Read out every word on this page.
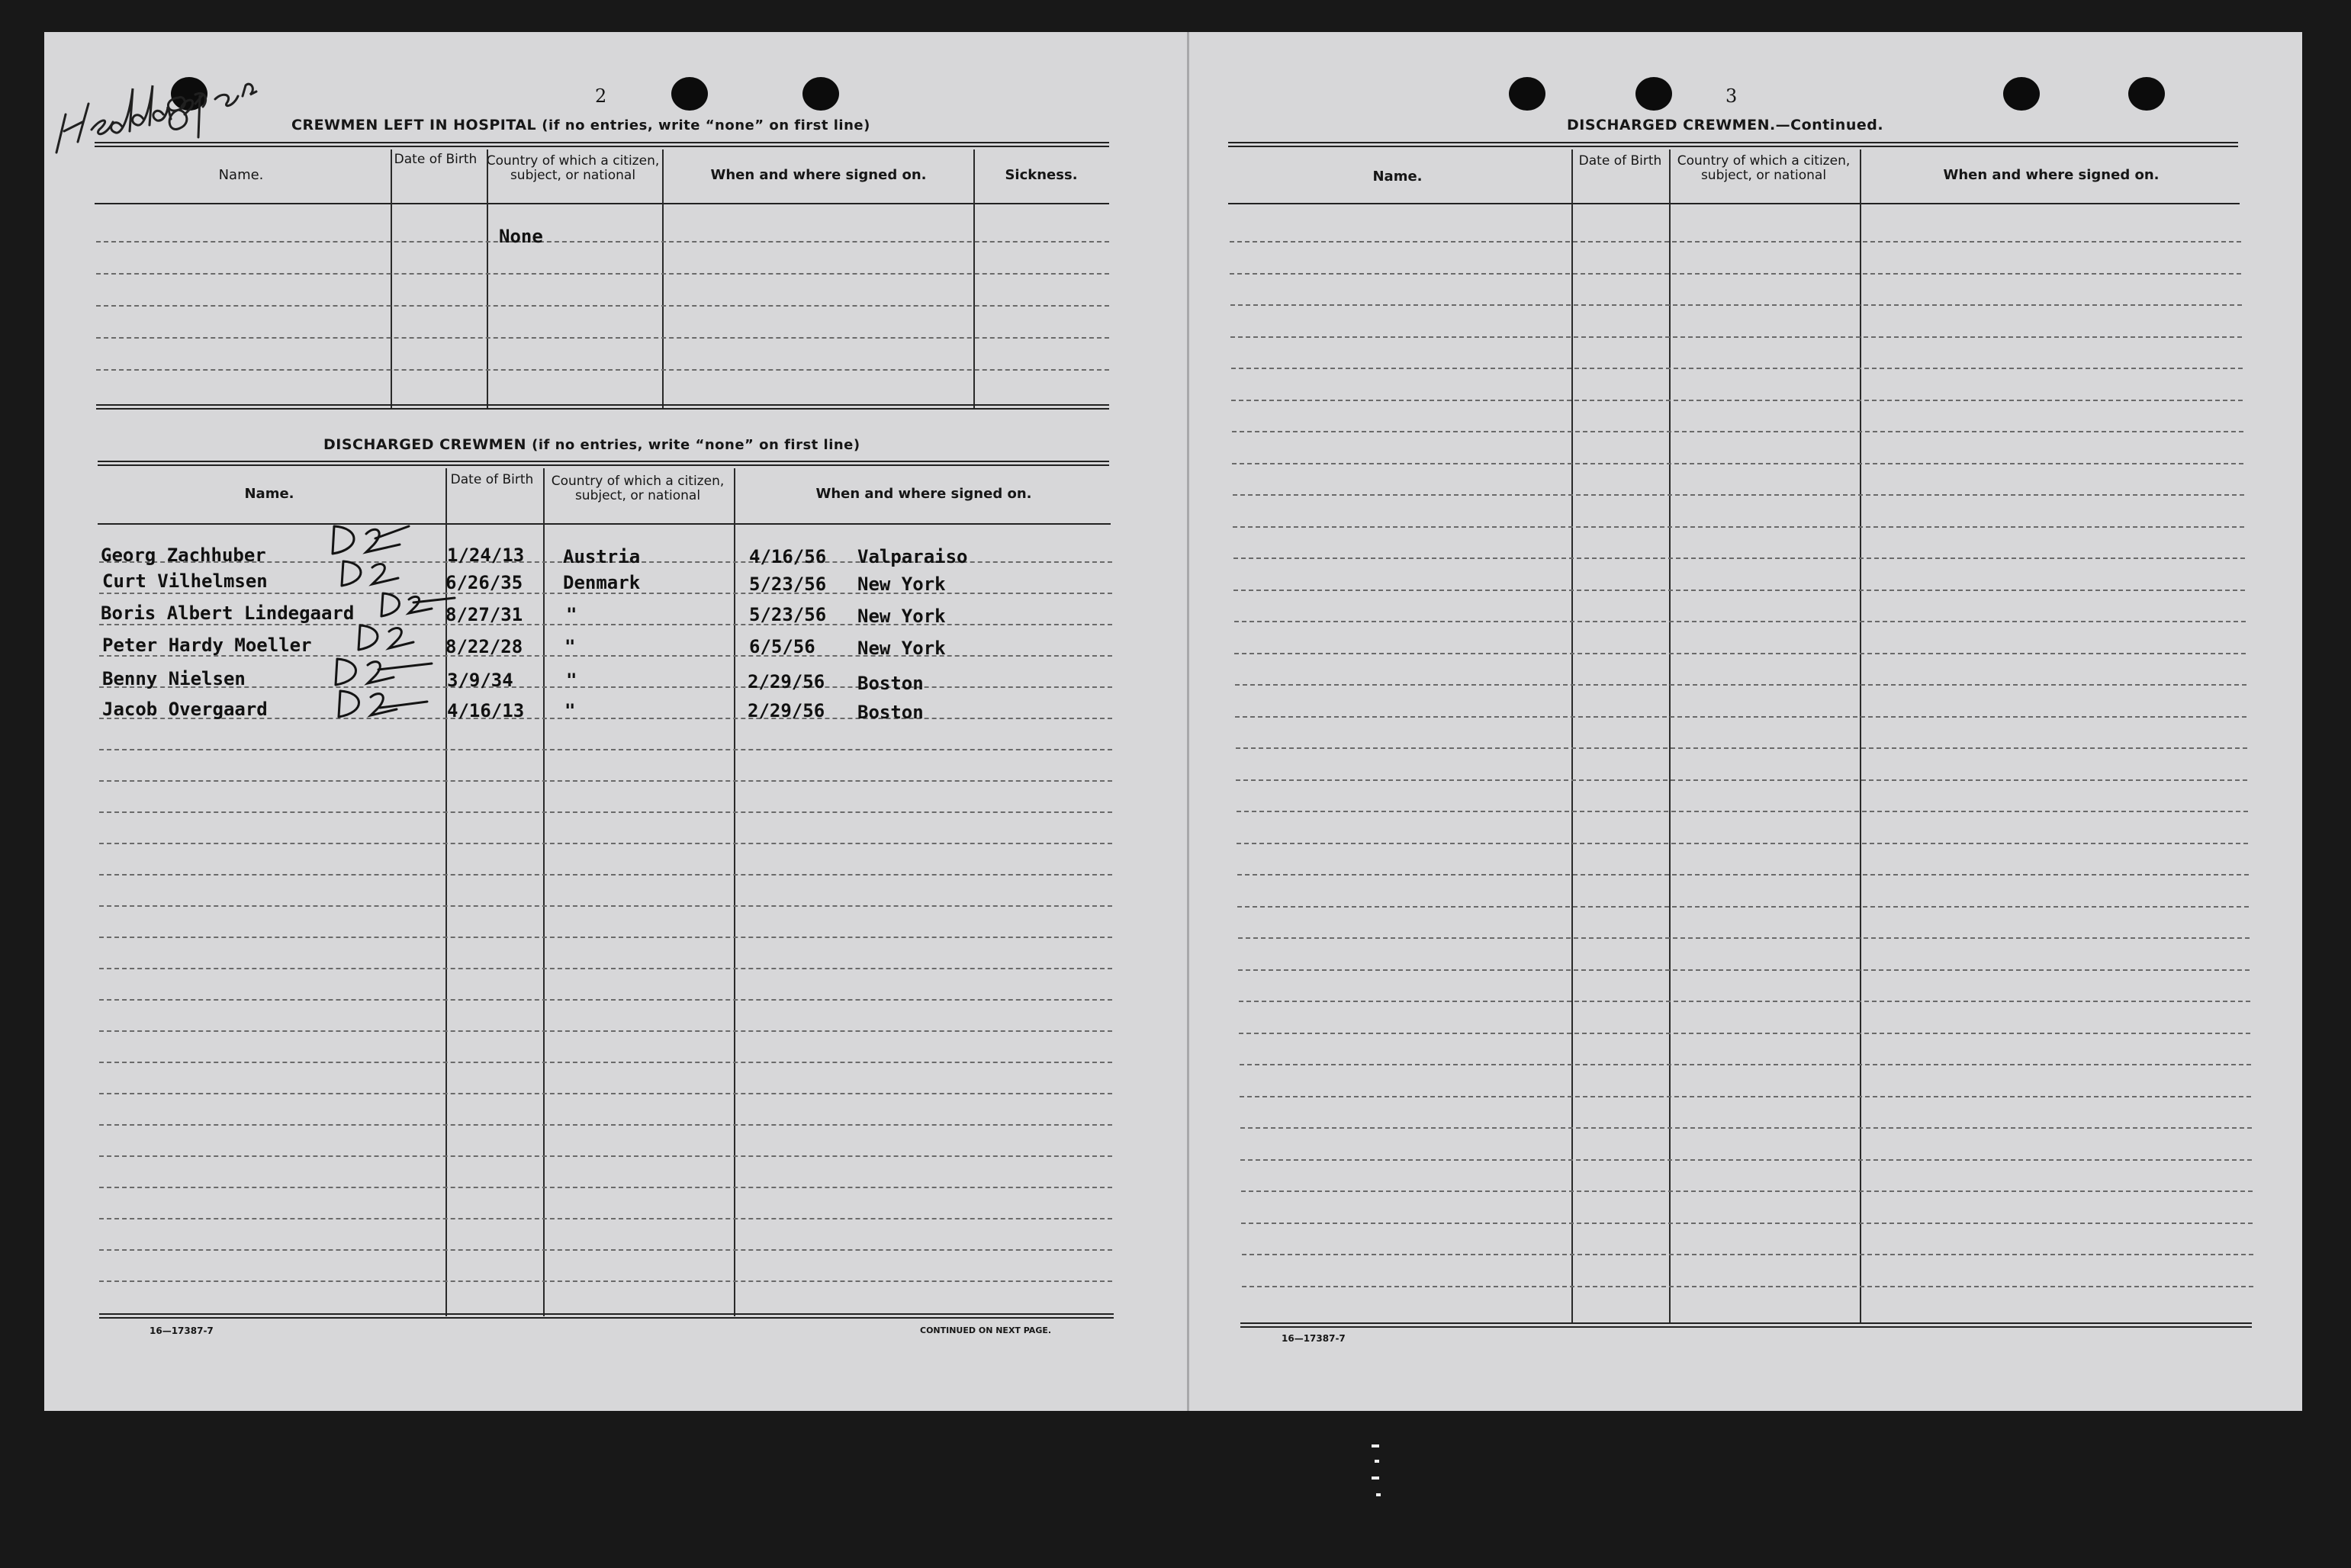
2
CREWMEN LEFT IN HOSPITAL (if no entries, write “none” on first line)
Name.
Date of Birth Country of which a citizen, subject, or national	When and where signed on.	Sickness.
None
DISCHARGED CREWMEN (if no entries, write “none” on first line)
Name.
Date of Birth	Country of which a citizen, subject, or national	When and where signed on.
Georg Zachhuber	1/24/13 Austria	4/16/56 Valparaiso
Curt Vilhelmsen	6/26/35 Denmark	5/23/56 New York
Boris Albert Lindegaard	8/27/31 "	5/23/56 New York
Peter Hardy Moeller	8/22/28 "	6/5/56 New York
Benny Nielsen	3/9/34	"	2/29/56 Boston
Jacob Overgaard	4/16/13 "	2/29/56 Boston
16—17387-7	CONTINUED ON NEXT PAGE.
3
DISCHARGED CREWMEN.—Continued.
Name.
Date of Birth	Country of which a citizen, subject, or national	When and where signed on.
16—17387-7
